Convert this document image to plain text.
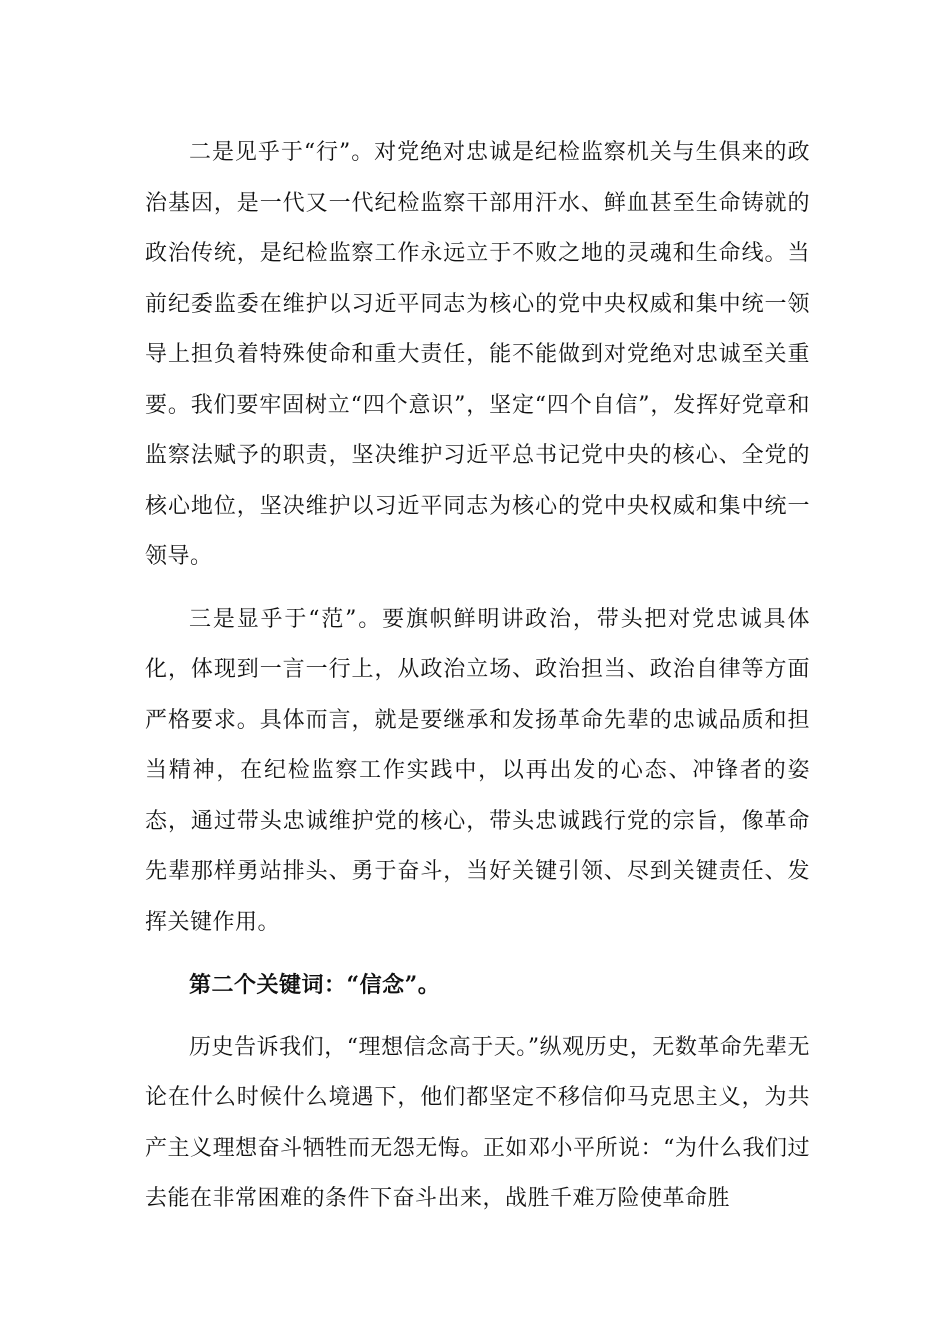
二是见乎于“行”。对党绝对忠诚是纪检监察机关与生俱来的政治基因，是一代又一代纪检监察干部用汗水、鲜血甚至生命铸就的政治传统，是纪检监察工作永远立于不败之地的灵魂和生命线。当前纪委监委在维护以习近平同志为核心的党中央权威和集中统一领导上担负着特殊使命和重大责任，能不能做到对党绝对忠诚至关重要。我们要牢固树立“四个意识”，坚定“四个自信”，发挥好党章和监察法赋予的职责，坚决维护习近平总书记党中央的核心、全党的核心地位，坚决维护以习近平同志为核心的党中央权威和集中统一领导。

三是显乎于“范”。要旗帜鲜明讲政治，带头把对党忠诚具体化，体现到一言一行上，从政治立场、政治担当、政治自律等方面严格要求。具体而言，就是要继承和发扬革命先辈的忠诚品质和担当精神，在纪检监察工作实践中，以再出发的心态、冲锋者的姿态，通过带头忠诚维护党的核心，带头忠诚践行党的宗旨，像革命先辈那样勇站排头、勇于奋斗，当好关键引领、尽到关键责任、发挥关键作用。

第二个关键词：“信念”。

历史告诉我们，“理想信念高于天。”纵观历史，无数革命先辈无论在什么时候什么境遇下，他们都坚定不移信仰马克思主义，为共产主义理想奋斗牺牲而无怨无悔。正如邓小平所说：“为什么我们过去能在非常困难的条件下奋斗出来，战胜千难万险使革命胜
